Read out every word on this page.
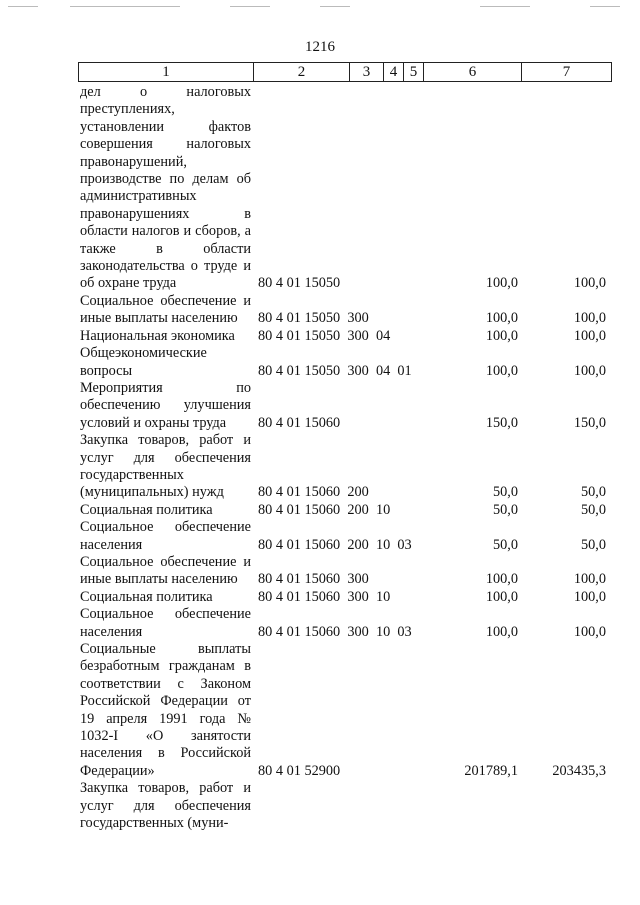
1216
1	2	3	4 5	6	7
дел о налоговых преступлениях, установлении фактов совершения налоговых правонарушений, производстве по делам об административных правонарушениях в области налогов и сборов, а также в области законодательства о труде и об охране труда	80 4 01 15050	100,0	100,0
Социальное обеспечение и иные выплаты населению	80 4 01 15050  300	100,0	100,0
Национальная экономика	80 4 01 15050  300  04	100,0	100,0
Общеэкономические вопросы	80 4 01 15050  300  04  01	100,0	100,0
Мероприятия по обеспечению улучшения условий и охраны труда	80 4 01 15060	150,0	150,0
Закупка товаров, работ и услуг для обеспечения государственных (муниципальных) нужд	80 4 01 15060  200	50,0	50,0
Социальная политика	80 4 01 15060  200  10	50,0	50,0
Социальное обеспечение населения	80 4 01 15060  200  10  03	50,0	50,0
Социальное обеспечение и иные выплаты населению	80 4 01 15060  300	100,0	100,0
Социальная политика	80 4 01 15060  300  10	100,0	100,0
Социальное обеспечение населения	80 4 01 15060  300  10  03	100,0	100,0
Социальные выплаты безработным гражданам в соответствии с Законом Российской Федерации от 19 апреля 1991 года № 1032-I «О занятости населения в Российской Федерации»	80 4 01 52900	201789,1 203435,3
Закупка товаров, работ и услуг для обеспечения государственных (муни-
